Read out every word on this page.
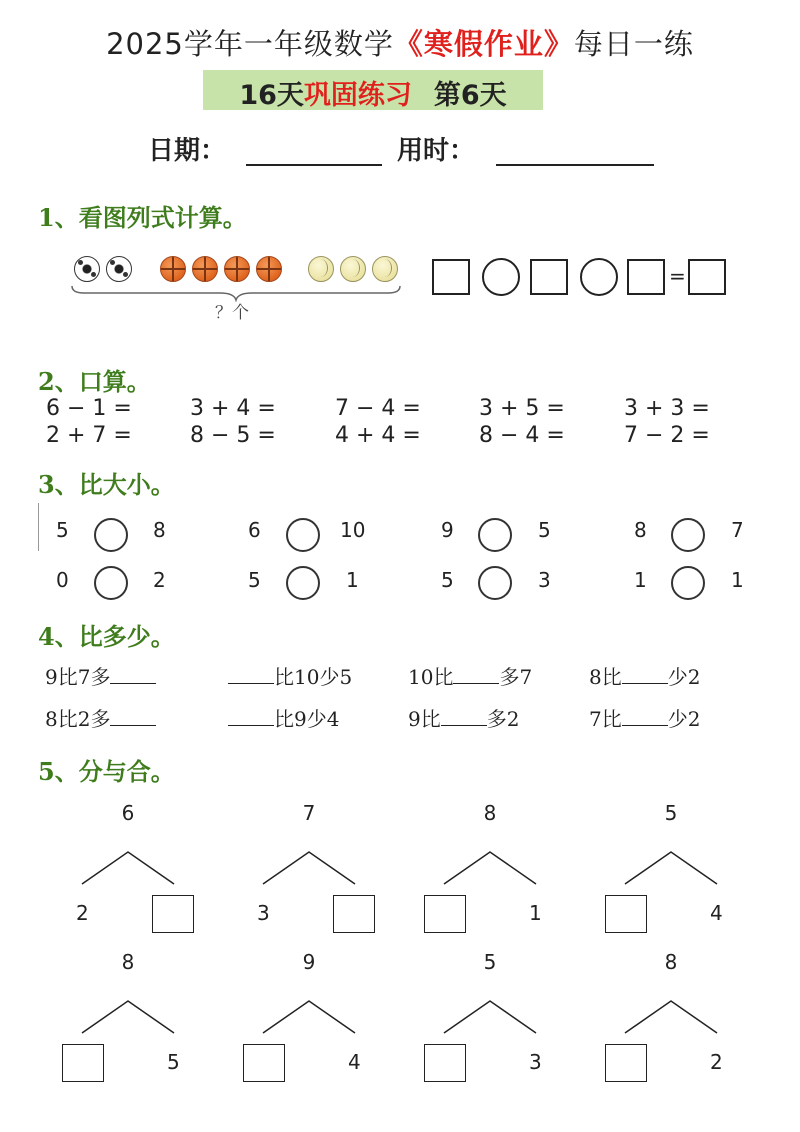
2025学年一年级数学《寒假作业》每日一练
16天巩固练习 第6天
日期：	用时：
1、看图列式计算。
？个
=
2、口算。
6 − 1 =	3 + 4 =	7 − 4 =	3 + 5 =	3 + 3 =
2 + 7 =	8 − 5 =	4 + 4 =	8 − 4 =	7 − 2 =
3、比大小。
5	8	6	10	9	5	8	7
0	2	5	1	5	3	1	1
4、比多少。
9比7多	比10少5	10比 多7	8比 少2
8比2多	比9少4	9比 多2	7比 少2
5、分与合。
6
2
7
3
8
1
5
4
8
5
9
4
5
3
8
2
